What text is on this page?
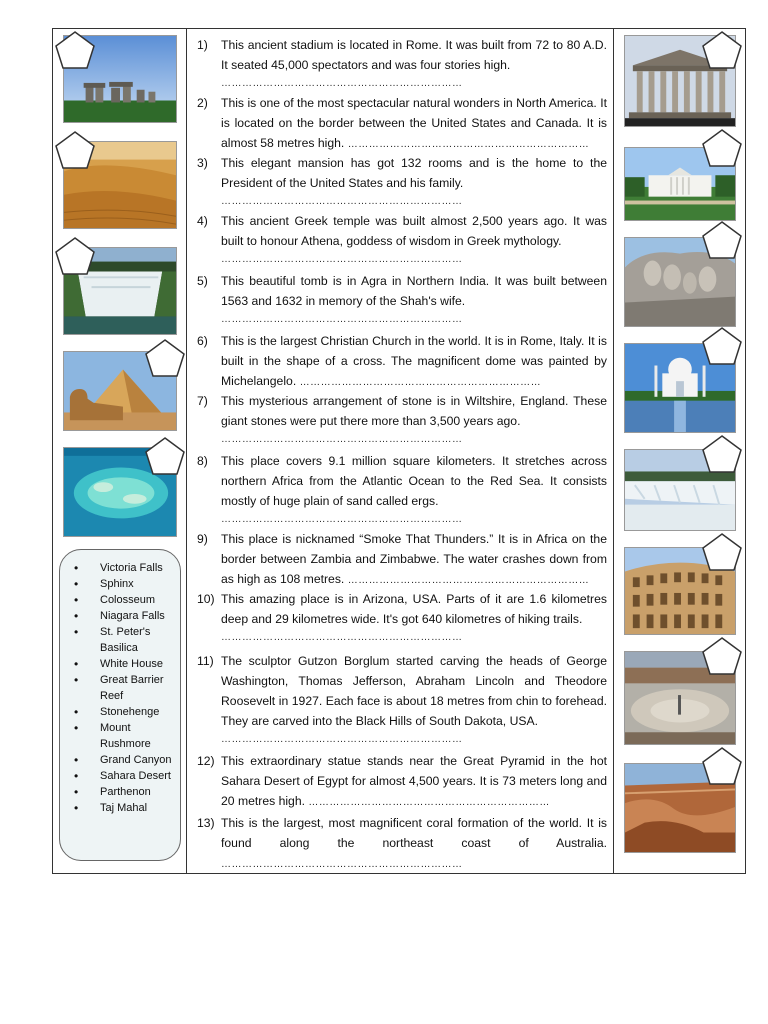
• Victoria Falls
• Sphinx
• Colosseum
• Niagara Falls
• St. Peter's Basilica
• White House
• Great Barrier Reef
• Stonehenge
• Mount Rushmore
• Grand Canyon
• Sahara Desert
• Parthenon
• Taj Mahal
1)	This ancient stadium is located in Rome. It was built from 72 to 80 A.D. It seated 45,000 spectators and was four stories high.
……………………………………………………………
2)	This is one of the most spectacular natural wonders in North America. It is located on the border between the United States and Canada. It is almost 58 metres high. ……………………………………………………………
3)	This elegant mansion has got 132 rooms and is the home to the President of the United States and his family.
……………………………………………………………
4)	This ancient Greek temple was built almost 2,500 years ago. It was built to honour Athena, goddess of wisdom in Greek mythology.
……………………………………………………………
5)	This beautiful tomb is in Agra in Northern India. It was built between 1563 and 1632 in memory of the Shah's wife.
……………………………………………………………
6)	This is the largest Christian Church in the world. It is in Rome, Italy. It is built in the shape of a cross. The magnificent dome was painted by Michelangelo. ……………………………………………………………
7)	This mysterious arrangement of stone is in Wiltshire, England. These giant stones were put there more than 3,500 years ago.
……………………………………………………………
8)	This place covers 9.1 million square kilometers. It stretches across northern Africa from the Atlantic Ocean to the Red Sea. It consists mostly of huge plain of sand called ergs.
……………………………………………………………
9)	This place is nicknamed “Smoke That Thunders.” It is in Africa on the border between Zambia and Zimbabwe. The water crashes down from as high as 108 metres. ……………………………………………………………
10) This amazing place is in Arizona, USA. Parts of it are 1.6 kilometres deep and 29 kilometres wide. It's got 640 kilometres of hiking trails.
……………………………………………………………
11) The sculptor Gutzon Borglum started carving the heads of George Washington, Thomas Jefferson, Abraham Lincoln and Theodore Roosevelt in 1927. Each face is about 18 metres from chin to forehead. They are carved into the Black Hills of South Dakota, USA.
……………………………………………………………
12) This extraordinary statue stands near the Great Pyramid in the hot Sahara Desert of Egypt for almost 4,500 years. It is 73 meters long and 20 metres high. ……………………………………………………………
13) This is the largest, most magnificent coral formation of the world. It is found along the northeast coast of Australia. ……………………………………………………………
